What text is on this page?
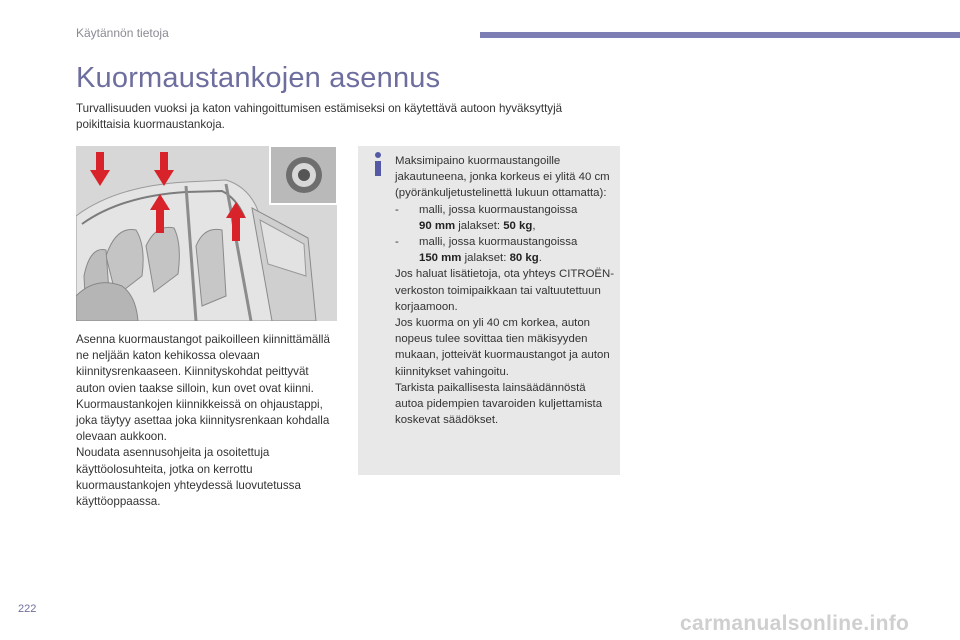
Käytännön tietoja
Kuormaustankojen asennus

Turvallisuuden vuoksi ja katon vahingoittumisen estämiseksi on käytettävä autoon hyväksyttyjä poikittaisia kuormaustankoja.

Asenna kuormaustangot paikoilleen kiinnittämällä ne neljään katon kehikossa olevaan kiinnitysrenkaaseen. Kiinnityskohdat peittyvät auton ovien taakse silloin, kun ovet ovat kiinni.

Kuormaustankojen kiinnikkeissä on ohjaustappi, joka täytyy asettaa joka kiinnitysrenkaan kohdalla olevaan aukkoon.

Noudata asennusohjeita ja osoitettuja käyttöolosuhteita, jotka on kerrottu kuormaustankojen yhteydessä luovutetussa käyttöoppaassa.

Maksimipaino kuormaustangoille jakautuneena, jonka korkeus ei ylitä 40 cm (pyöränkuljetustelinettä lukuun ottamatta):

-	malli, jossa kuormaustangoissa
90 mm jalakset: 50 kg,
-	malli, jossa kuormaustangoissa
150 mm jalakset: 80 kg.

Jos haluat lisätietoja, ota yhteys CITROËN-verkoston toimipaikkaan tai valtuutettuun korjaamoon.

Jos kuorma on yli 40 cm korkea, auton nopeus tulee sovittaa tien mäkisyyden mukaan, jotteivät kuormaustangot ja auton kiinnitykset vahingoitu.

Tarkista paikallisesta lainsäädännöstä autoa pidempien tavaroiden kuljettamista koskevat säädökset.

222
carmanualsonline.info
